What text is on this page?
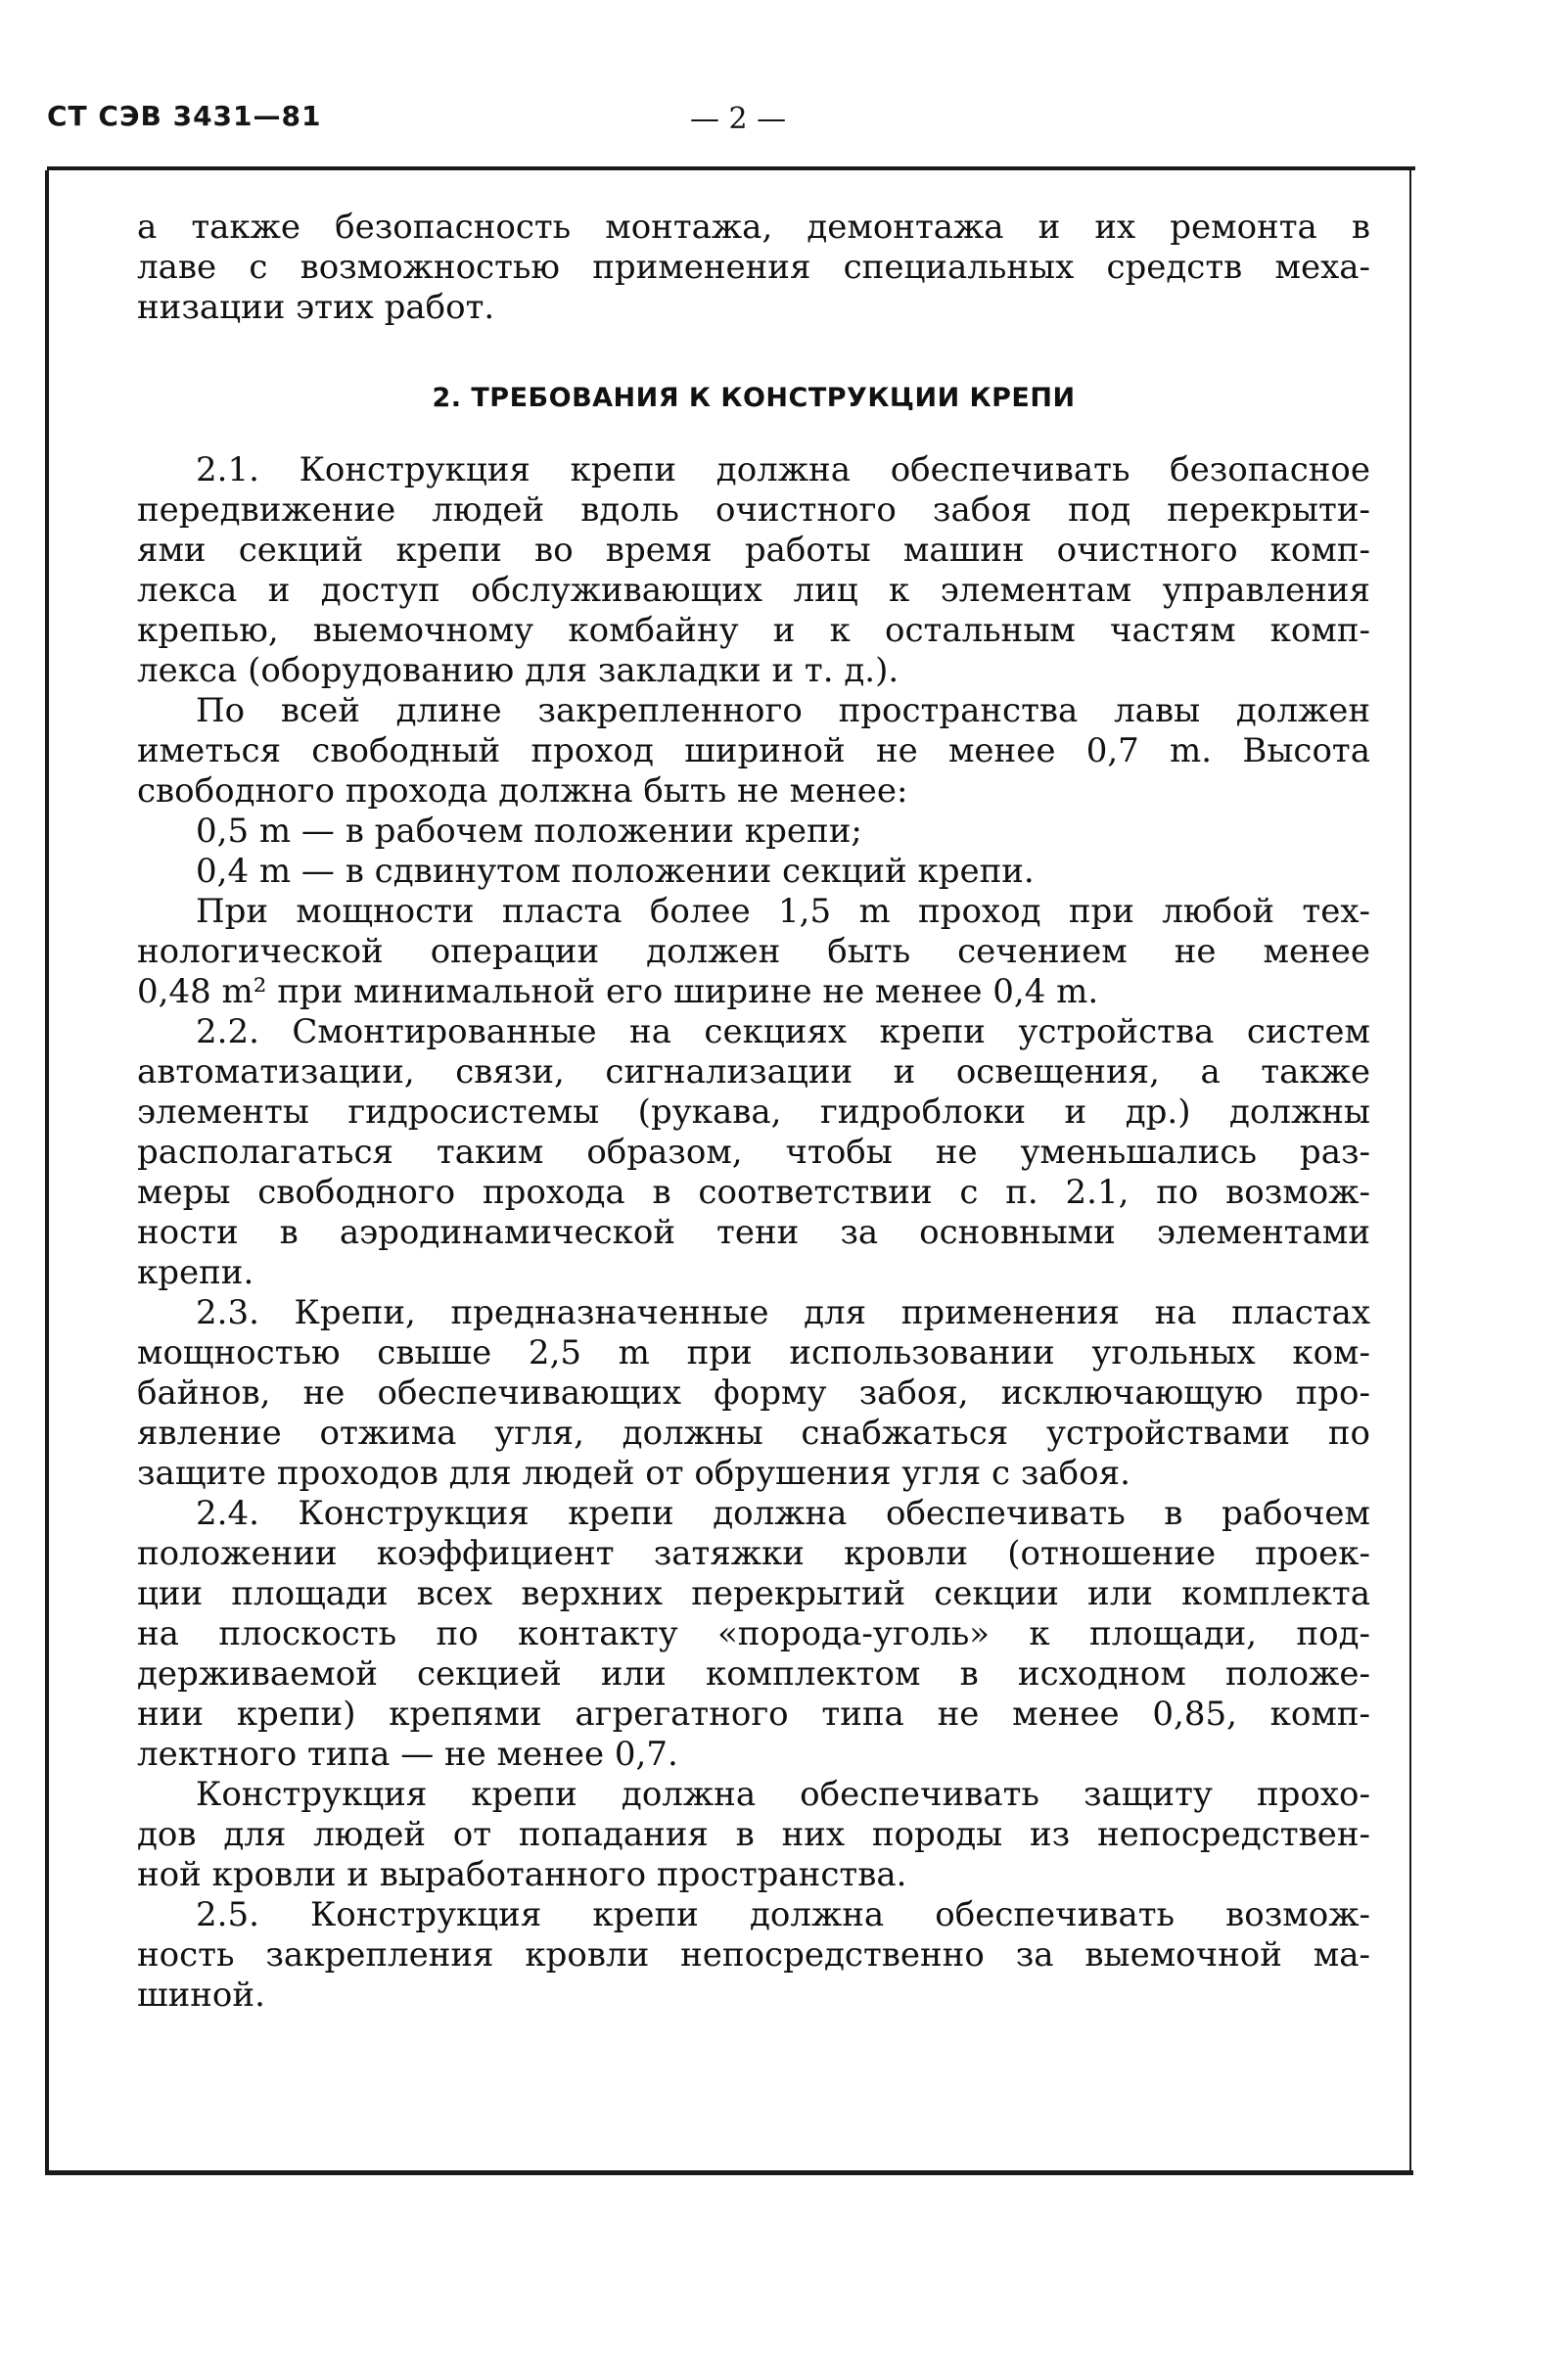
СТ СЭВ 3431—81	— 2 —
а также безопасность монтажа, демонтажа и их ремонта в
лаве с возможностью применения специальных средств меха-
низации этих работ.
2. ТРЕБОВАНИЯ К КОНСТРУКЦИИ КРЕПИ
2.1. Конструкция крепи должна обеспечивать безопасное
передвижение людей вдоль очистного забоя под перекрыти-
ями секций крепи во время работы машин очистного комп-
лекса и доступ обслуживающих лиц к элементам управления
крепью, выемочному комбайну и к остальным частям комп-
лекса (оборудованию для закладки и т. д.).
По всей длине закрепленного пространства лавы должен
иметься свободный проход шириной не менее 0,7 m. Высота
свободного прохода должна быть не менее:
0,5 m — в рабочем положении крепи;
0,4 m — в сдвинутом положении секций крепи.
При мощности пласта более 1,5 m проход при любой тех-
нологической операции должен быть сечением не менее
0,48 m² при минимальной его ширине не менее 0,4 m.
2.2. Смонтированные на секциях крепи устройства систем
автоматизации, связи, сигнализации и освещения, а также
элементы гидросистемы (рукава, гидроблоки и др.) должны
располагаться таким образом, чтобы не уменьшались раз-
меры свободного прохода в соответствии с п. 2.1, по возмож-
ности в аэродинамической тени за основными элементами
крепи.
2.3. Крепи, предназначенные для применения на пластах
мощностью свыше 2,5 m при использовании угольных ком-
байнов, не обеспечивающих форму забоя, исключающую про-
явление отжима угля, должны снабжаться устройствами по
защите проходов для людей от обрушения угля с забоя.
2.4. Конструкция крепи должна обеспечивать в рабочем
положении коэффициент затяжки кровли (отношение проек-
ции площади всех верхних перекрытий секции или комплекта
на плоскость по контакту «порода-уголь» к площади, под-
держиваемой секцией или комплектом в исходном положе-
нии крепи) крепями агрегатного типа не менее 0,85, комп-
лектного типа — не менее 0,7.
Конструкция крепи должна обеспечивать защиту прохо-
дов для людей от попадания в них породы из непосредствен-
ной кровли и выработанного пространства.
2.5. Конструкция крепи должна обеспечивать возмож-
ность закрепления кровли непосредственно за выемочной ма-
шиной.
